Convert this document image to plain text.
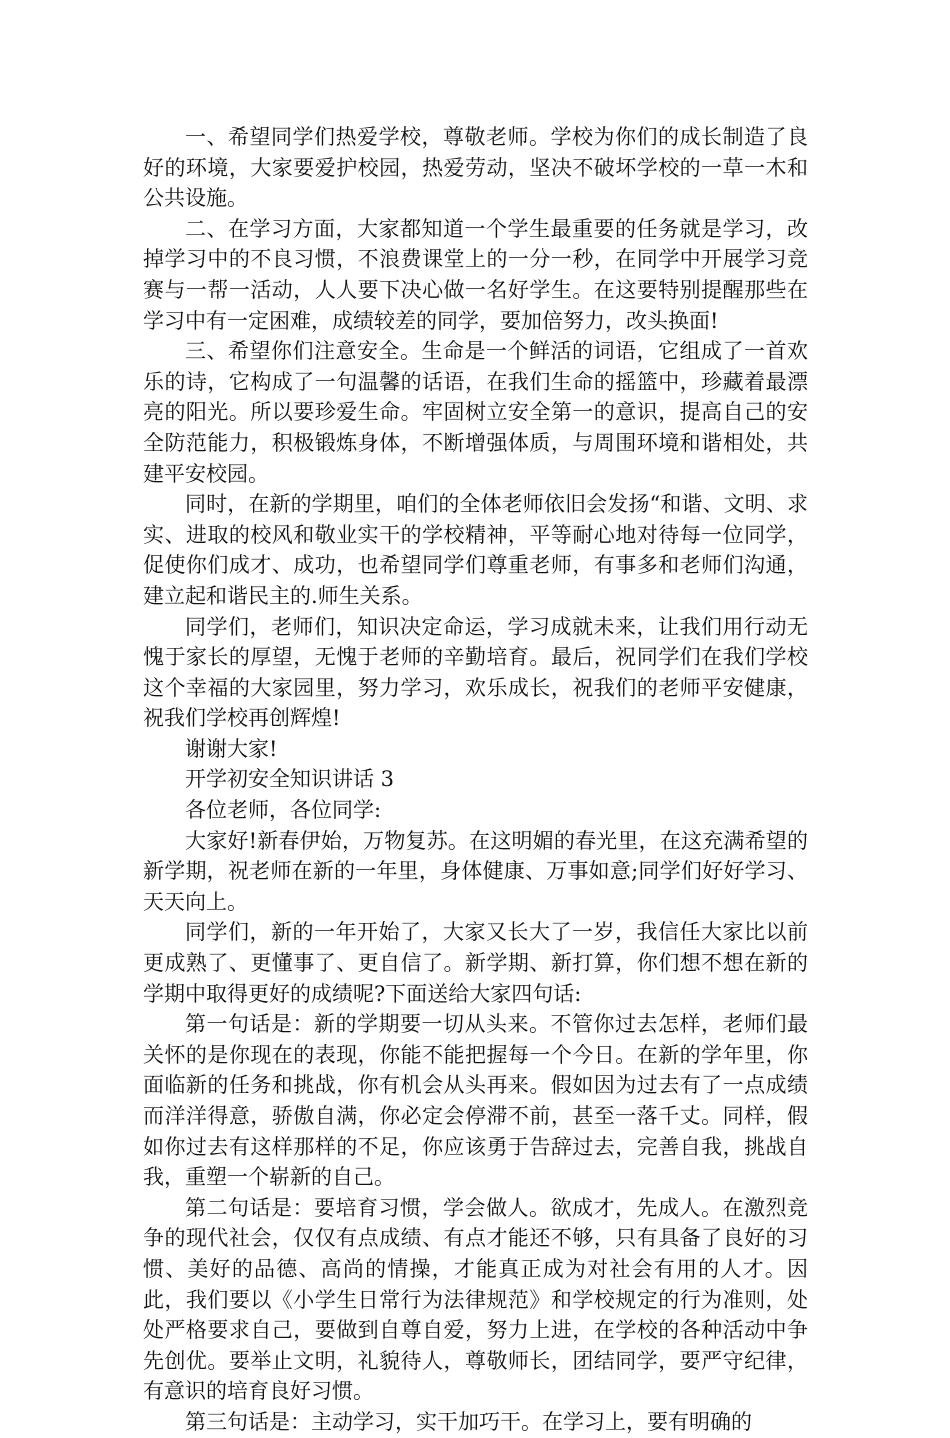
一、希望同学们热爱学校，尊敬老师。学校为你们的成长制造了良好的环境，大家要爱护校园，热爱劳动，坚决不破坏学校的一草一木和公共设施。

二、在学习方面，大家都知道一个学生最重要的任务就是学习，改掉学习中的不良习惯，不浪费课堂上的一分一秒，在同学中开展学习竞赛与一帮一活动，人人要下决心做一名好学生。在这要特别提醒那些在学习中有一定困难，成绩较差的同学，要加倍努力，改头换面!

三、希望你们注意安全。生命是一个鲜活的词语，它组成了一首欢乐的诗，它构成了一句温馨的话语，在我们生命的摇篮中，珍藏着最漂亮的阳光。所以要珍爱生命。牢固树立安全第一的意识，提高自己的安全防范能力，积极锻炼身体，不断增强体质，与周围环境和谐相处，共建平安校园。

同时，在新的学期里，咱们的全体老师依旧会发扬“和谐、文明、求实、进取的校风和敬业实干的学校精神，平等耐心地对待每一位同学，促使你们成才、成功，也希望同学们尊重老师，有事多和老师们沟通，建立起和谐民主的.师生关系。

同学们，老师们，知识决定命运，学习成就未来，让我们用行动无愧于家长的厚望，无愧于老师的辛勤培育。最后，祝同学们在我们学校这个幸福的大家园里，努力学习，欢乐成长，祝我们的老师平安健康，祝我们学校再创辉煌!

谢谢大家!

开学初安全知识讲话 3

各位老师，各位同学:

大家好!新春伊始，万物复苏。在这明媚的春光里，在这充满希望的新学期，祝老师在新的一年里，身体健康、万事如意;同学们好好学习、天天向上。

同学们，新的一年开始了，大家又长大了一岁，我信任大家比以前更成熟了、更懂事了、更自信了。新学期、新打算，你们想不想在新的学期中取得更好的成绩呢?下面送给大家四句话:

第一句话是：新的学期要一切从头来。不管你过去怎样，老师们最关怀的是你现在的表现，你能不能把握每一个今日。在新的学年里，你面临新的任务和挑战，你有机会从头再来。假如因为过去有了一点成绩而洋洋得意，骄傲自满，你必定会停滞不前，甚至一落千丈。同样，假如你过去有这样那样的不足，你应该勇于告辞过去，完善自我，挑战自我，重塑一个崭新的自己。

第二句话是：要培育习惯，学会做人。欲成才，先成人。在激烈竞争的现代社会，仅仅有点成绩、有点才能还不够，只有具备了良好的习惯、美好的品德、高尚的情操，才能真正成为对社会有用的人才。因此，我们要以《小学生日常行为法律规范》和学校规定的行为准则，处处严格要求自己，要做到自尊自爱，努力上进，在学校的各种活动中争先创优。要举止文明，礼貌待人，尊敬师长，团结同学，要严守纪律，有意识的培育良好习惯。

第三句话是：主动学习，实干加巧干。在学习上，要有明确的
